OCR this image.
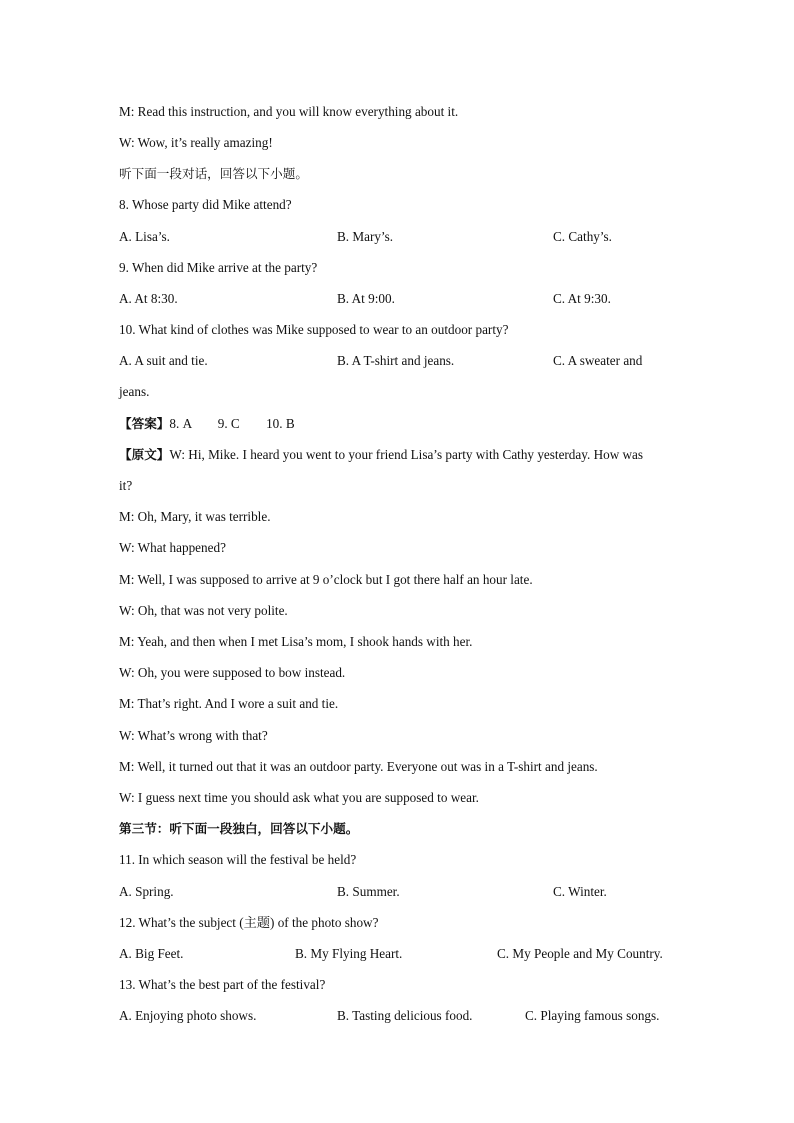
M: Read this instruction, and you will know everything about it.
W: Wow, it’s really amazing!
听下面一段对话，回答以下小题。
8. Whose party did Mike attend?
A. Lisa’s.	B. Mary’s.	C. Cathy’s.
9. When did Mike arrive at the party?
A. At 8:30.	B. At 9:00.	C. At 9:30.
10. What kind of clothes was Mike supposed to wear to an outdoor party?
A. A suit and tie.	B. A T-shirt and jeans.	C. A sweater and
jeans.
【答案】8. A        9. C        10. B
【原文】W: Hi, Mike. I heard you went to your friend Lisa’s party with Cathy yesterday. How was
it?
M: Oh, Mary, it was terrible.
W: What happened?
M: Well, I was supposed to arrive at 9 o’clock but I got there half an hour late.
W: Oh, that was not very polite.
M: Yeah, and then when I met Lisa’s mom, I shook hands with her.
W: Oh, you were supposed to bow instead.
M: That’s right. And I wore a suit and tie.
W: What’s wrong with that?
M: Well, it turned out that it was an outdoor party. Everyone out was in a T-shirt and jeans.
W: I guess next time you should ask what you are supposed to wear.
第三节：听下面一段独白，回答以下小题。
11. In which season will the festival be held?
A. Spring.	B. Summer.	C. Winter.
12. What’s the subject (主题) of the photo show?
A. Big Feet.	B. My Flying Heart.	C. My People and My Country.
13. What’s the best part of the festival?
A. Enjoying photo shows.	B. Tasting delicious food.	C. Playing famous songs.
